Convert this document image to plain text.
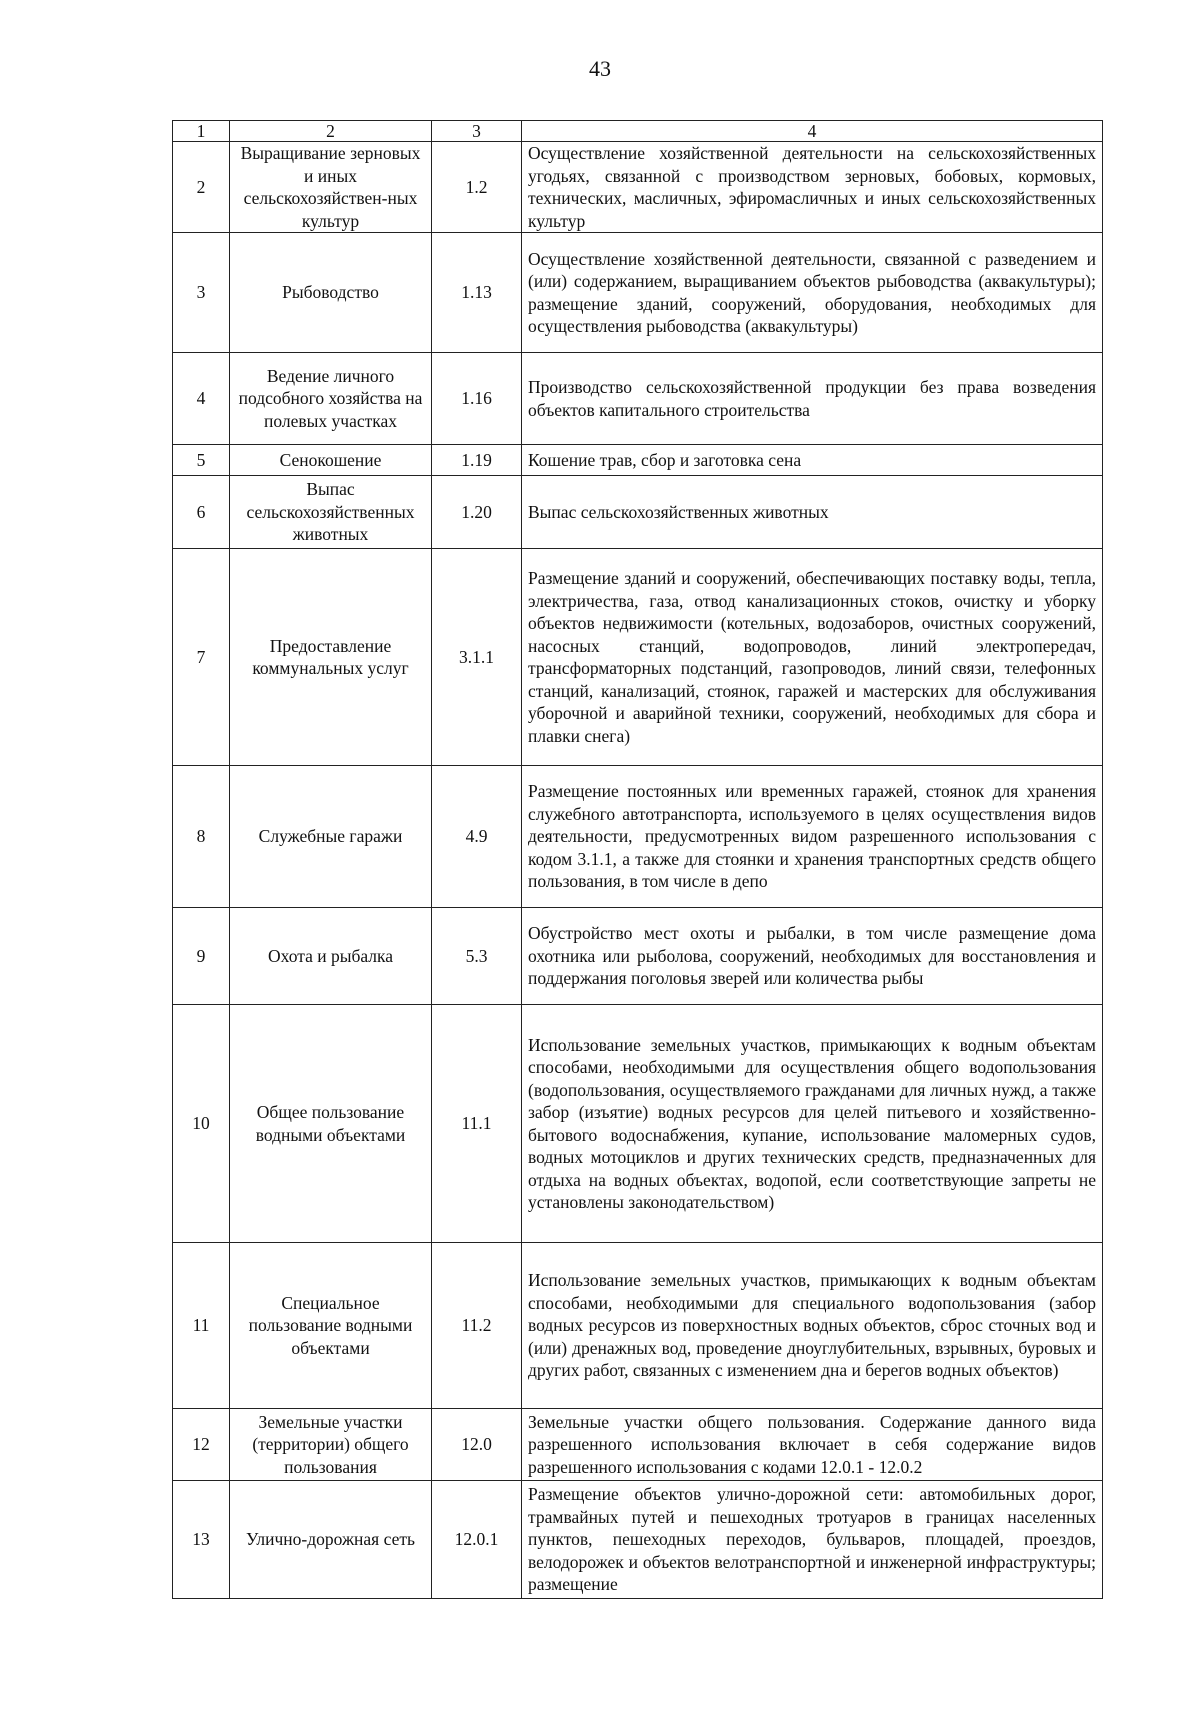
43
1	2	3	4
2	Выращивание зерновых и иных сельскохозяйствен-ных культур	1.2	Осуществление хозяйственной деятельности на сельскохозяйственных угодьях, связанной с производством зерновых, бобовых, кормовых, технических, масличных, эфиромасличных и иных сельскохозяйственных культур
3	Рыбоводство	1.13	Осуществление хозяйственной деятельности, связанной с разведением и (или) содержанием, выращиванием объектов рыбоводства (аквакультуры); размещение зданий, сооружений, оборудования, необходимых для осуществления рыбоводства (аквакультуры)
4	Ведение личного подсобного хозяйства на полевых участках	1.16	Производство сельскохозяйственной продукции без права возведения объектов капитального строительства
5	Сенокошение	1.19	Кошение трав, сбор и заготовка сена
6	Выпас сельскохозяйственных животных	1.20	Выпас сельскохозяйственных животных
7	Предоставление коммунальных услуг	3.1.1	Размещение зданий и сооружений, обеспечивающих поставку воды, тепла, электричества, газа, отвод канализационных стоков, очистку и уборку объектов недвижимости (котельных, водозаборов, очистных сооружений, насосных станций, водопроводов, линий электропередач, трансформаторных подстанций, газопроводов, линий связи, телефонных станций, канализаций, стоянок, гаражей и мастерских для обслуживания уборочной и аварийной техники, сооружений, необходимых для сбора и плавки снега)
8	Служебные гаражи	4.9	Размещение постоянных или временных гаражей, стоянок для хранения служебного автотранспорта, используемого в целях осуществления видов деятельности, предусмотренных видом разрешенного использования с кодом 3.1.1, а также для стоянки и хранения транспортных средств общего пользования, в том числе в депо
9	Охота и рыбалка	5.3	Обустройство мест охоты и рыбалки, в том числе размещение дома охотника или рыболова, сооружений, необходимых для восстановления и поддержания поголовья зверей или количества рыбы
10	Общее пользование водными объектами	11.1	Использование земельных участков, примыкающих к водным объектам способами, необходимыми для осуществления общего водопользования (водопользования, осуществляемого гражданами для личных нужд, а также забор (изъятие) водных ресурсов для целей питьевого и хозяйственно-бытового водоснабжения, купание, использование маломерных судов, водных мотоциклов и других технических средств, предназначенных для отдыха на водных объектах, водопой, если соответствующие запреты не установлены законодательством)
11	Специальное пользование водными объектами	11.2	Использование земельных участков, примыкающих к водным объектам способами, необходимыми для специального водопользования (забор водных ресурсов из поверхностных водных объектов, сброс сточных вод и (или) дренажных вод, проведение дноуглубительных, взрывных, буровых и других работ, связанных с изменением дна и берегов водных объектов)
12	Земельные участки (территории) общего пользования	12.0	Земельные участки общего пользования. Содержание данного вида разрешенного использования включает в себя содержание видов разрешенного использования с кодами 12.0.1 - 12.0.2
13	Улично-дорожная сеть	12.0.1	Размещение объектов улично-дорожной сети: автомобильных дорог, трамвайных путей и пешеходных тротуаров в границах населенных пунктов, пешеходных переходов, бульваров, площадей, проездов, велодорожек и объектов велотранспортной и инженерной инфраструктуры; размещение
